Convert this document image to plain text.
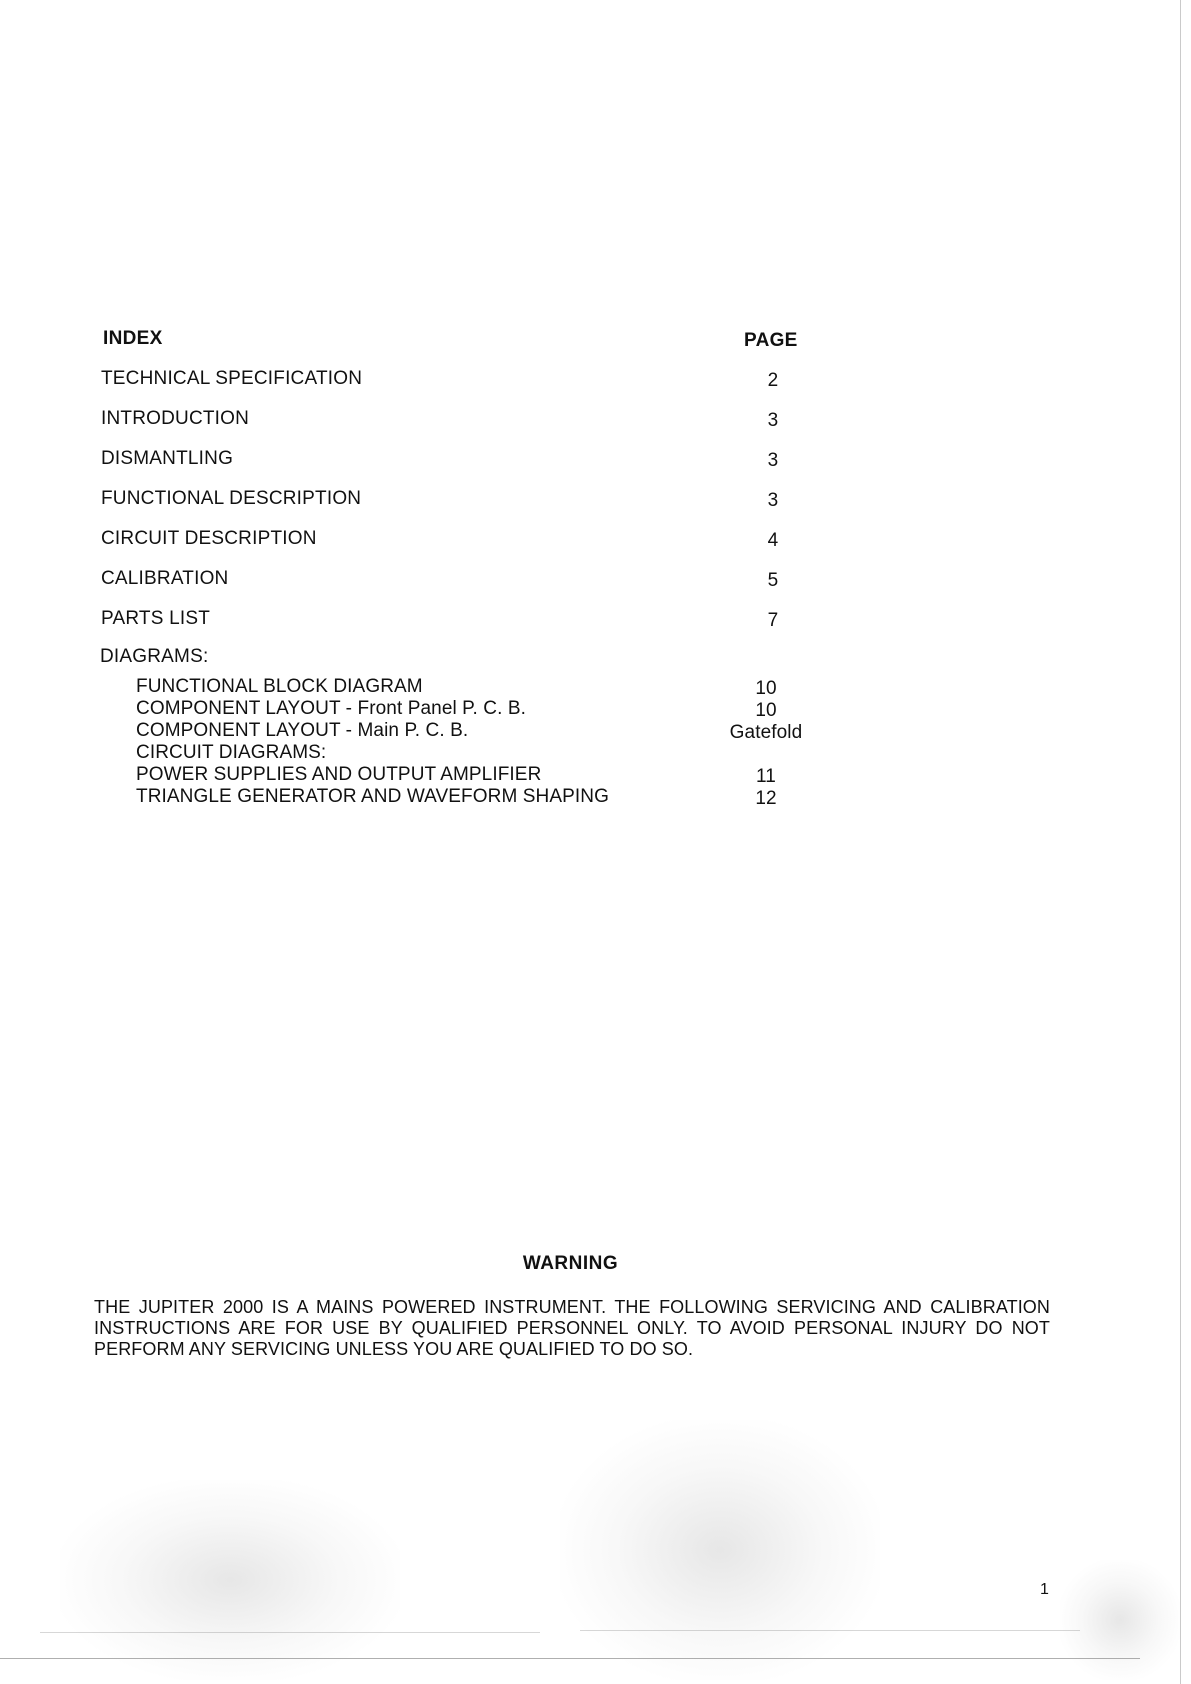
INDEX	PAGE
TECHNICAL SPECIFICATION	2
INTRODUCTION	3
DISMANTLING	3
FUNCTIONAL DESCRIPTION	3
CIRCUIT DESCRIPTION	4
CALIBRATION	5
PARTS LIST	7
DIAGRAMS:
FUNCTIONAL BLOCK DIAGRAM	10
COMPONENT LAYOUT - Front Panel P. C. B.	10
COMPONENT LAYOUT - Main P. C. B.	Gatefold
CIRCUIT DIAGRAMS:
POWER SUPPLIES AND OUTPUT AMPLIFIER	11
TRIANGLE GENERATOR AND WAVEFORM SHAPING	12
WARNING
THE JUPITER 2000 IS A MAINS POWERED INSTRUMENT. THE FOLLOWING SERVICING AND CALIBRATION INSTRUCTIONS ARE FOR USE BY QUALIFIED PERSONNEL ONLY. TO AVOID PERSONAL INJURY DO NOT PERFORM ANY SERVICING UNLESS YOU ARE QUALIFIED TO DO SO.
1
